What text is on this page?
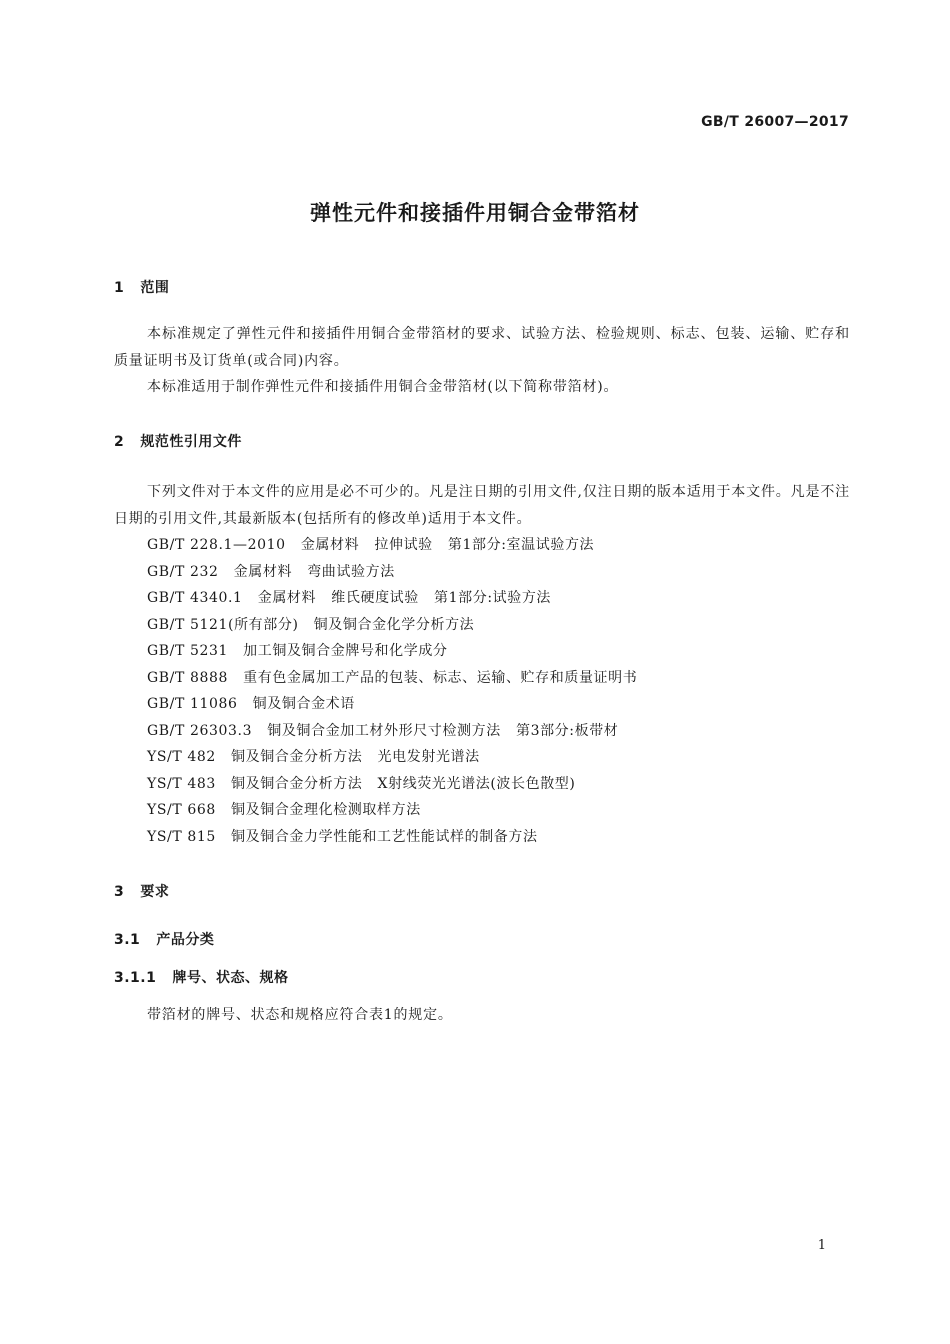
GB/T 26007—2017
弹性元件和接插件用铜合金带箔材
1   范围
本标准规定了弹性元件和接插件用铜合金带箔材的要求、试验方法、检验规则、标志、包装、运输、贮存和质量证明书及订货单(或合同)内容。
本标准适用于制作弹性元件和接插件用铜合金带箔材(以下简称带箔材)。
2   规范性引用文件
下列文件对于本文件的应用是必不可少的。凡是注日期的引用文件,仅注日期的版本适用于本文件。凡是不注日期的引用文件,其最新版本(包括所有的修改单)适用于本文件。
GB/T 228.1—2010   金属材料   拉伸试验   第1部分:室温试验方法
GB/T 232   金属材料   弯曲试验方法
GB/T 4340.1   金属材料   维氏硬度试验   第1部分:试验方法
GB/T 5121(所有部分)   铜及铜合金化学分析方法
GB/T 5231   加工铜及铜合金牌号和化学成分
GB/T 8888   重有色金属加工产品的包装、标志、运输、贮存和质量证明书
GB/T 11086   铜及铜合金术语
GB/T 26303.3   铜及铜合金加工材外形尺寸检测方法   第3部分:板带材
YS/T 482   铜及铜合金分析方法   光电发射光谱法
YS/T 483   铜及铜合金分析方法   X射线荧光光谱法(波长色散型)
YS/T 668   铜及铜合金理化检测取样方法
YS/T 815   铜及铜合金力学性能和工艺性能试样的制备方法
3   要求
3.1   产品分类
3.1.1   牌号、状态、规格
带箔材的牌号、状态和规格应符合表1的规定。
1
